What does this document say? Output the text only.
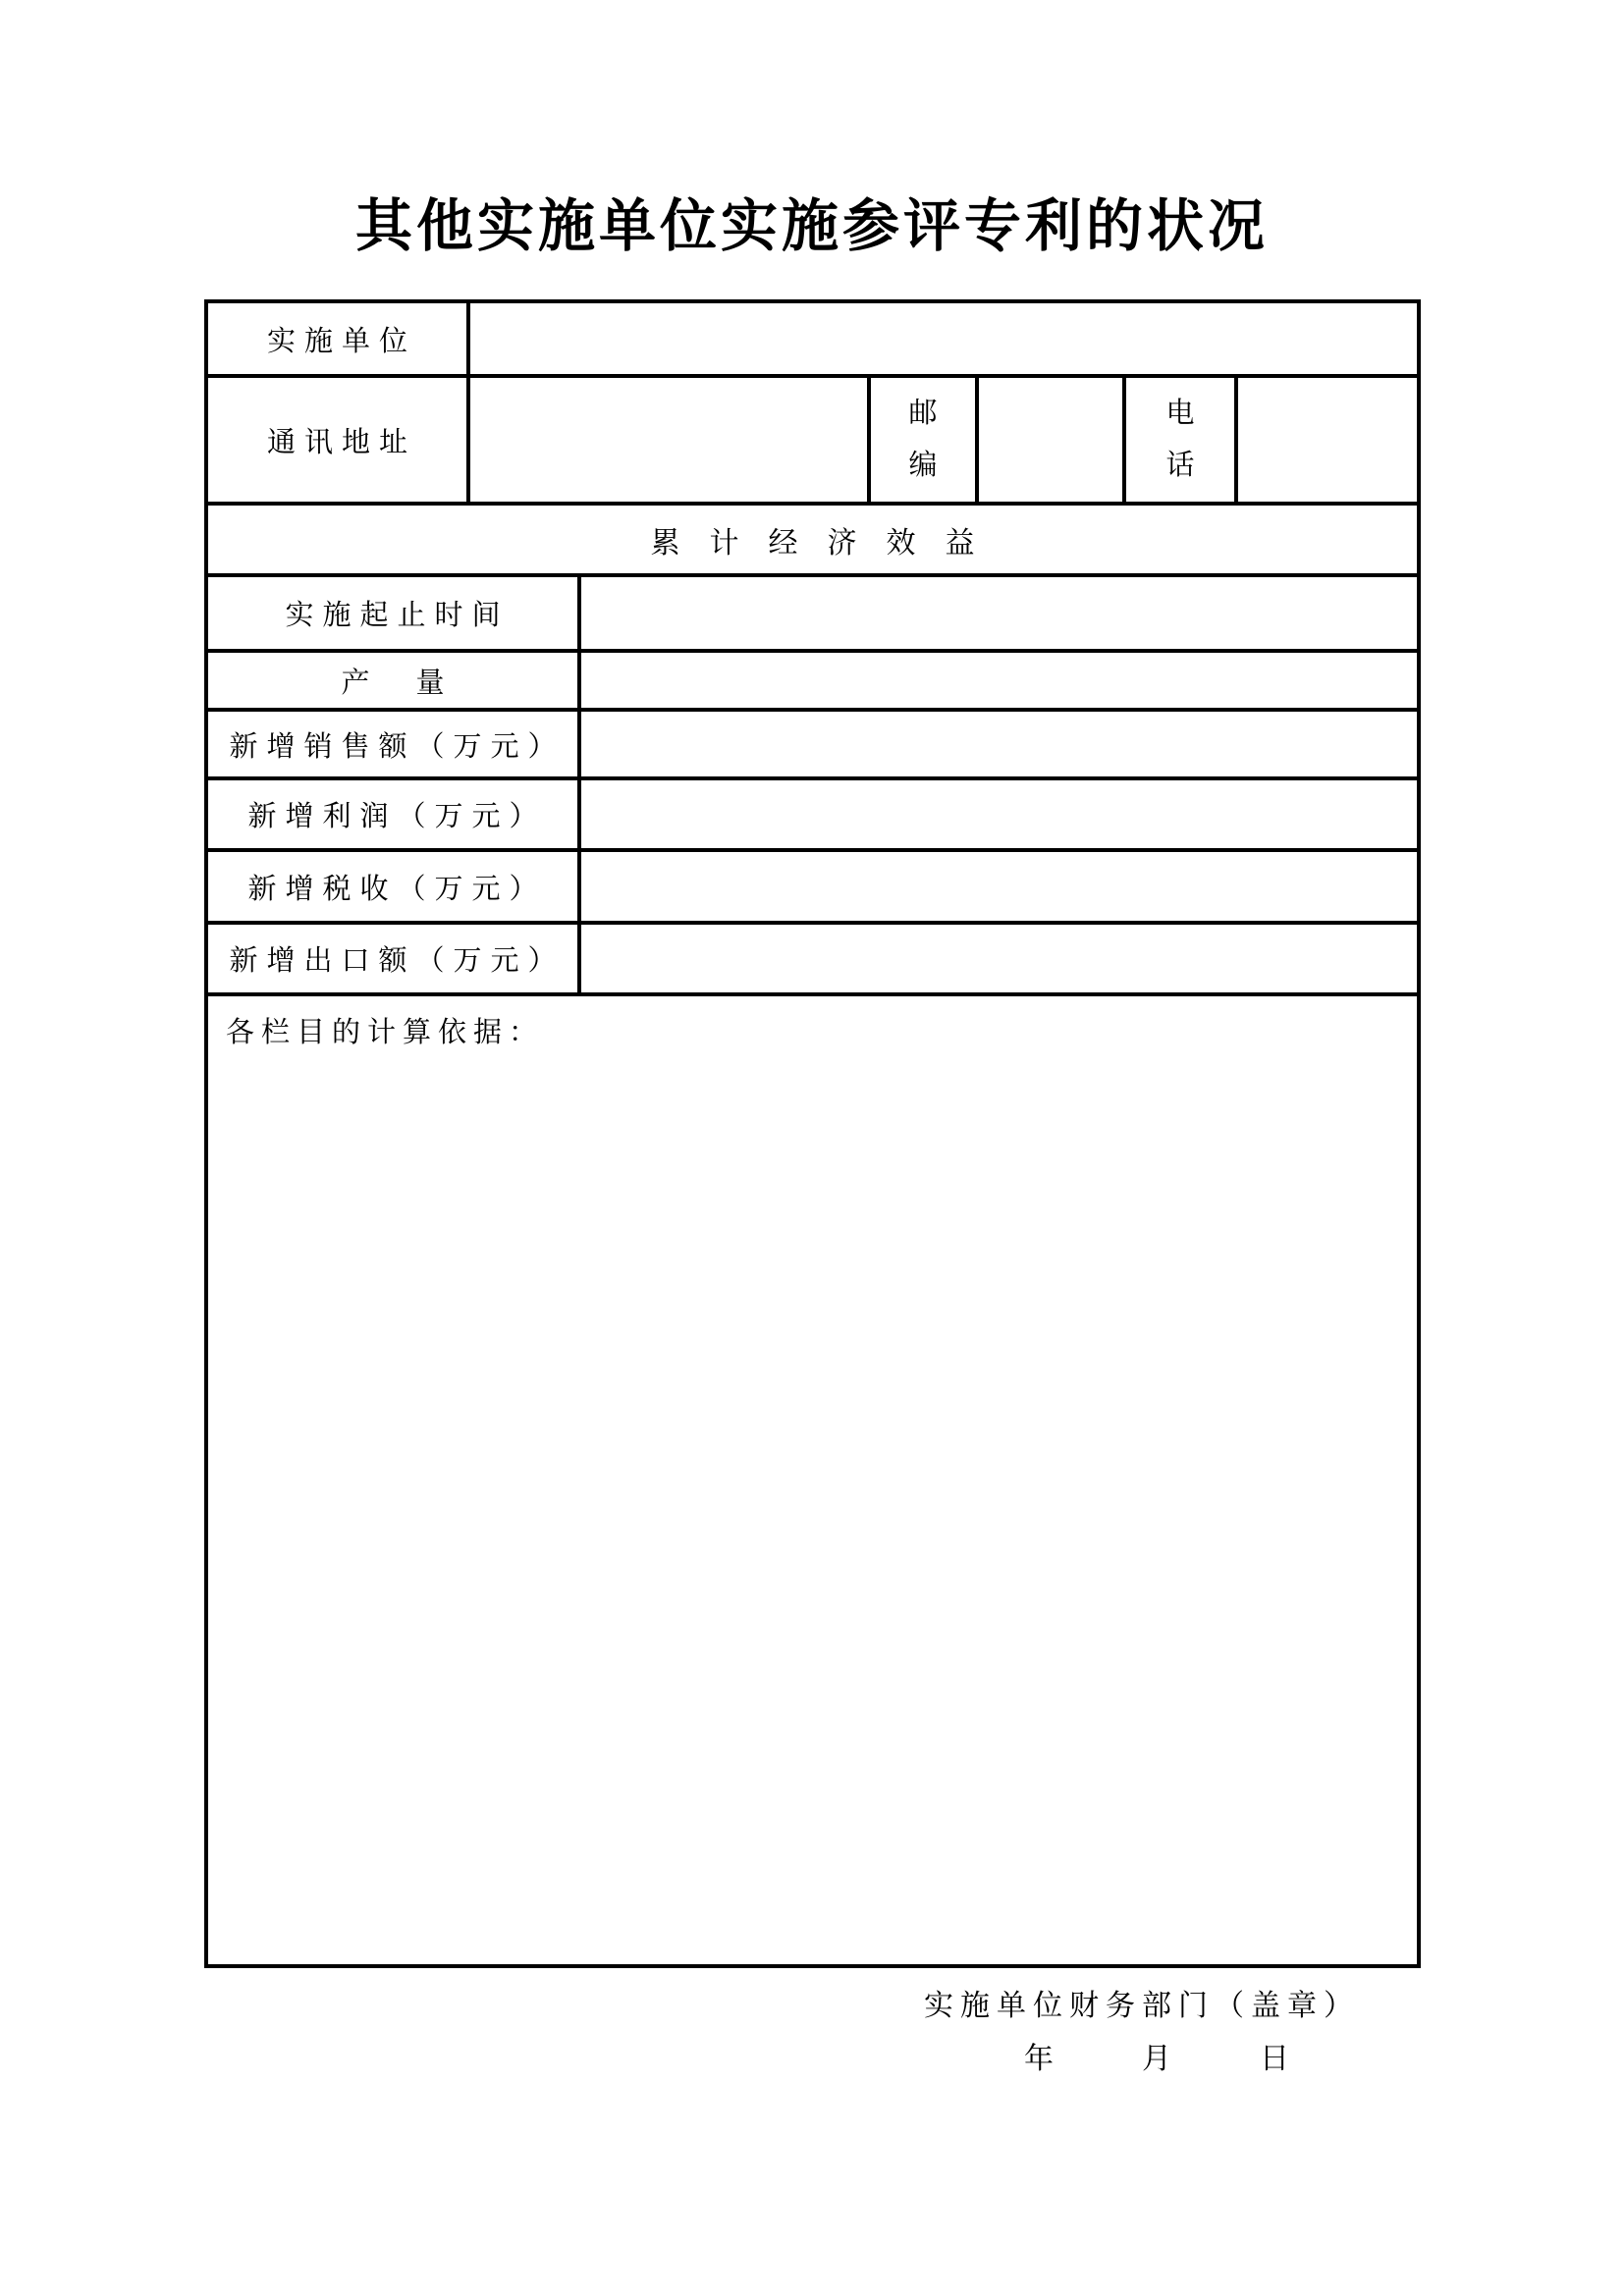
其他实施单位实施参评专利的状况
实施单位
通讯地址
邮编
电话
累计经济效益
实施起止时间
产　量
新增销售额（万元）
新增利润（万元）
新增税收（万元）
新增出口额（万元）
各栏目的计算依据：
实施单位财务部门（盖章）
年　　月　　日
